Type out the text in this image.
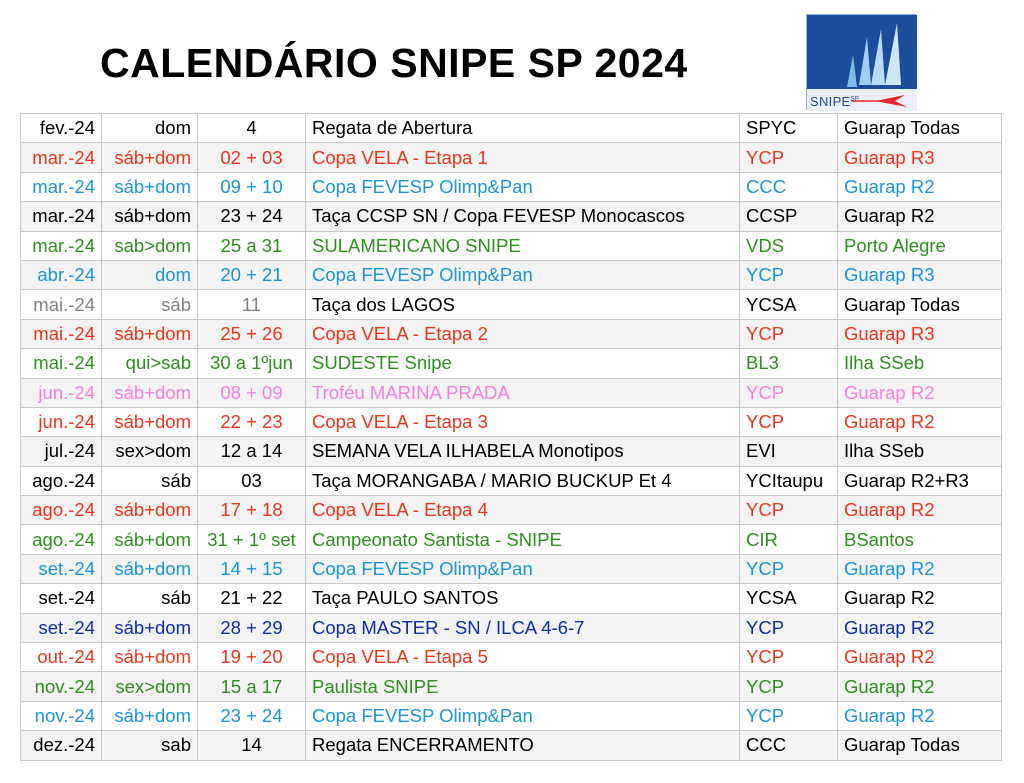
CALENDÁRIO SNIPE SP 2024
$SNIPE^{SP}$
fev.-24	dom	4	Regata de Abertura	SPYC	Guarap Todas
mar.-24	sáb+dom	02 + 03	Copa VELA - Etapa 1	YCP	Guarap R3
mar.-24	sáb+dom	09 + 10	Copa FEVESP Olimp&Pan	CCC	Guarap R2
mar.-24	sáb+dom	23 + 24	Taça CCSP SN / Copa FEVESP Monocascos	CCSP	Guarap R2
mar.-24	sab>dom	25 a 31	SULAMERICANO SNIPE	VDS	Porto Alegre
abr.-24	dom	20 + 21	Copa FEVESP Olimp&Pan	YCP	Guarap R3
mai.-24	sáb	11	Taça dos LAGOS	YCSA	Guarap Todas
mai.-24	sáb+dom	25 + 26	Copa VELA - Etapa 2	YCP	Guarap R3
mai.-24	qui>sab	30 a 1ºjun	SUDESTE Snipe	BL3	Ilha SSeb
jun.-24	sáb+dom	08 + 09	Troféu MARINA PRADA	YCP	Guarap R2
jun.-24	sáb+dom	22 + 23	Copa VELA - Etapa 3	YCP	Guarap R2
jul.-24	sex>dom	12 a 14	SEMANA VELA ILHABELA Monotipos	EVI	Ilha SSeb
ago.-24	sáb	03	Taça MORANGABA / MARIO BUCKUP Et 4	YCItaupu	Guarap R2+R3
ago.-24	sáb+dom	17 + 18	Copa VELA - Etapa 4	YCP	Guarap R2
ago.-24	sáb+dom	31 + 1º set	Campeonato Santista - SNIPE	CIR	BSantos
set.-24	sáb+dom	14 + 15	Copa FEVESP Olimp&Pan	YCP	Guarap R2
set.-24	sáb	21 + 22	Taça PAULO SANTOS	YCSA	Guarap R2
set.-24	sáb+dom	28 + 29	Copa MASTER - SN / ILCA 4-6-7	YCP	Guarap R2
out.-24	sáb+dom	19 + 20	Copa VELA - Etapa 5	YCP	Guarap R2
nov.-24	sex>dom	15 a 17	Paulista SNIPE	YCP	Guarap R2
nov.-24	sáb+dom	23 + 24	Copa FEVESP Olimp&Pan	YCP	Guarap R2
dez.-24	sab	14	Regata ENCERRAMENTO	CCC	Guarap Todas
